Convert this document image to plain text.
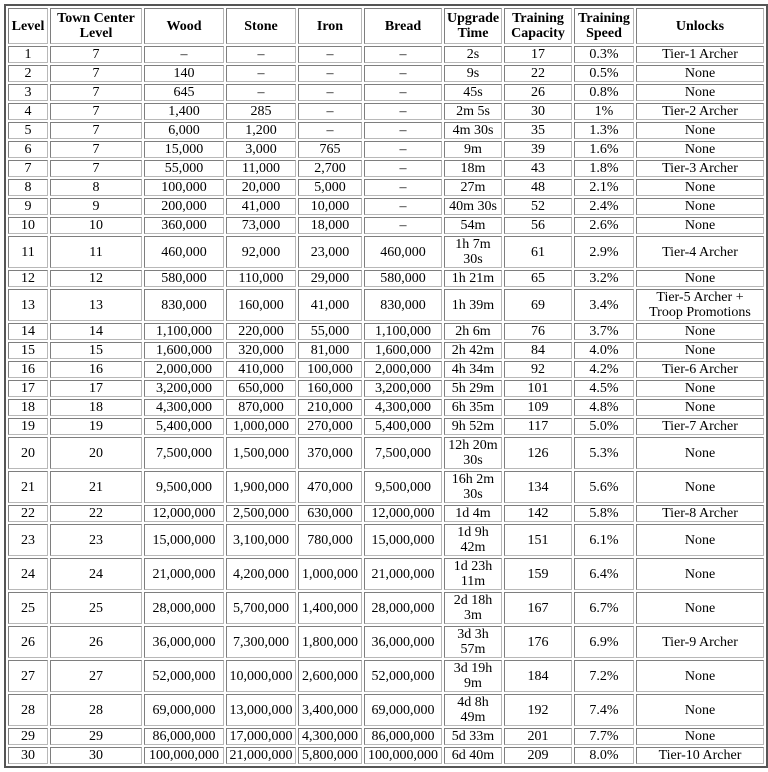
Level	Town Center Level	Wood	Stone	Iron	Bread	Upgrade Time	Training Capacity	Training Speed	Unlocks
1	7	–	–	–	–	2s	17	0.3%	Tier-1 Archer
2	7	140	–	–	–	9s	22	0.5%	None
3	7	645	–	–	–	45s	26	0.8%	None
4	7	1,400	285	–	–	2m 5s	30	1%	Tier-2 Archer
5	7	6,000	1,200	–	–	4m 30s	35	1.3%	None
6	7	15,000	3,000	765	–	9m	39	1.6%	None
7	7	55,000	11,000	2,700	–	18m	43	1.8%	Tier-3 Archer
8	8	100,000	20,000	5,000	–	27m	48	2.1%	None
9	9	200,000	41,000	10,000	–	40m 30s	52	2.4%	None
10	10	360,000	73,000	18,000	–	54m	56	2.6%	None
11	11	460,000	92,000	23,000	460,000	1h 7m 30s	61	2.9%	Tier-4 Archer
12	12	580,000	110,000	29,000	580,000	1h 21m	65	3.2%	None
13	13	830,000	160,000	41,000	830,000	1h 39m	69	3.4%	Tier-5 Archer + Troop Promotions
14	14	1,100,000	220,000	55,000	1,100,000	2h 6m	76	3.7%	None
15	15	1,600,000	320,000	81,000	1,600,000	2h 42m	84	4.0%	None
16	16	2,000,000	410,000	100,000	2,000,000	4h 34m	92	4.2%	Tier-6 Archer
17	17	3,200,000	650,000	160,000	3,200,000	5h 29m	101	4.5%	None
18	18	4,300,000	870,000	210,000	4,300,000	6h 35m	109	4.8%	None
19	19	5,400,000	1,000,000	270,000	5,400,000	9h 52m	117	5.0%	Tier-7 Archer
20	20	7,500,000	1,500,000	370,000	7,500,000	12h 20m 30s	126	5.3%	None
21	21	9,500,000	1,900,000	470,000	9,500,000	16h 2m 30s	134	5.6%	None
22	22	12,000,000	2,500,000	630,000	12,000,000	1d 4m	142	5.8%	Tier-8 Archer
23	23	15,000,000	3,100,000	780,000	15,000,000	1d 9h 42m	151	6.1%	None
24	24	21,000,000	4,200,000	1,000,000	21,000,000	1d 23h 11m	159	6.4%	None
25	25	28,000,000	5,700,000	1,400,000	28,000,000	2d 18h 3m	167	6.7%	None
26	26	36,000,000	7,300,000	1,800,000	36,000,000	3d 3h 57m	176	6.9%	Tier-9 Archer
27	27	52,000,000	10,000,000	2,600,000	52,000,000	3d 19h 9m	184	7.2%	None
28	28	69,000,000	13,000,000	3,400,000	69,000,000	4d 8h 49m	192	7.4%	None
29	29	86,000,000	17,000,000	4,300,000	86,000,000	5d 33m	201	7.7%	None
30	30	100,000,000	21,000,000	5,800,000	100,000,000	6d 40m	209	8.0%	Tier-10 Archer
